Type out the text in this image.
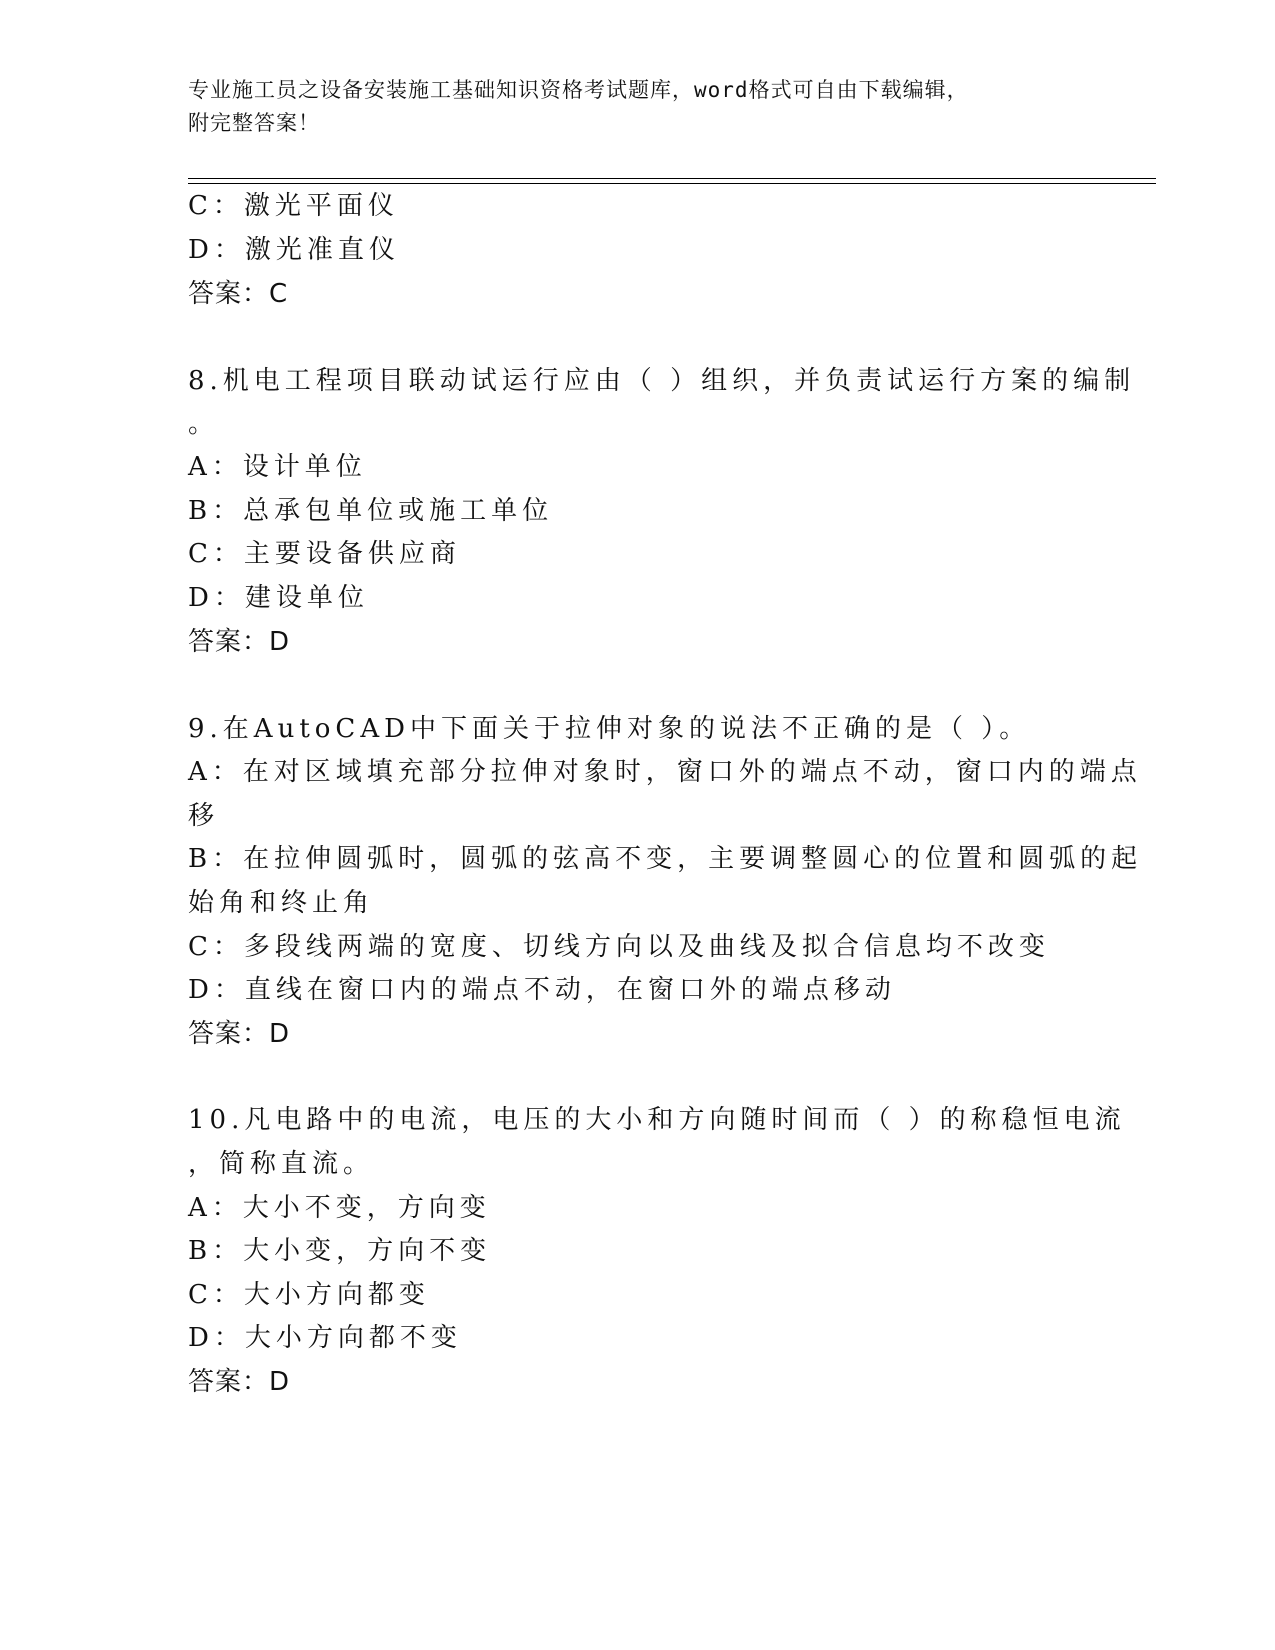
专业施工员之设备安装施工基础知识资格考试题库，word格式可自由下载编辑，
附完整答案！
C：激光平面仪
D：激光准直仪
答案：C
8.机电工程项目联动试运行应由（ ）组织，并负责试运行方案的编制
。
A：设计单位
B：总承包单位或施工单位
C：主要设备供应商
D：建设单位
答案：D
9.在AutoCAD中下面关于拉伸对象的说法不正确的是（ ）。
A：在对区域填充部分拉伸对象时，窗口外的端点不动，窗口内的端点
移
B：在拉伸圆弧时，圆弧的弦高不变，主要调整圆心的位置和圆弧的起
始角和终止角
C：多段线两端的宽度、切线方向以及曲线及拟合信息均不改变
D：直线在窗口内的端点不动，在窗口外的端点移动
答案：D
10.凡电路中的电流，电压的大小和方向随时间而（ ）的称稳恒电流
，简称直流。
A：大小不变，方向变
B：大小变，方向不变
C：大小方向都变
D：大小方向都不变
答案：D
